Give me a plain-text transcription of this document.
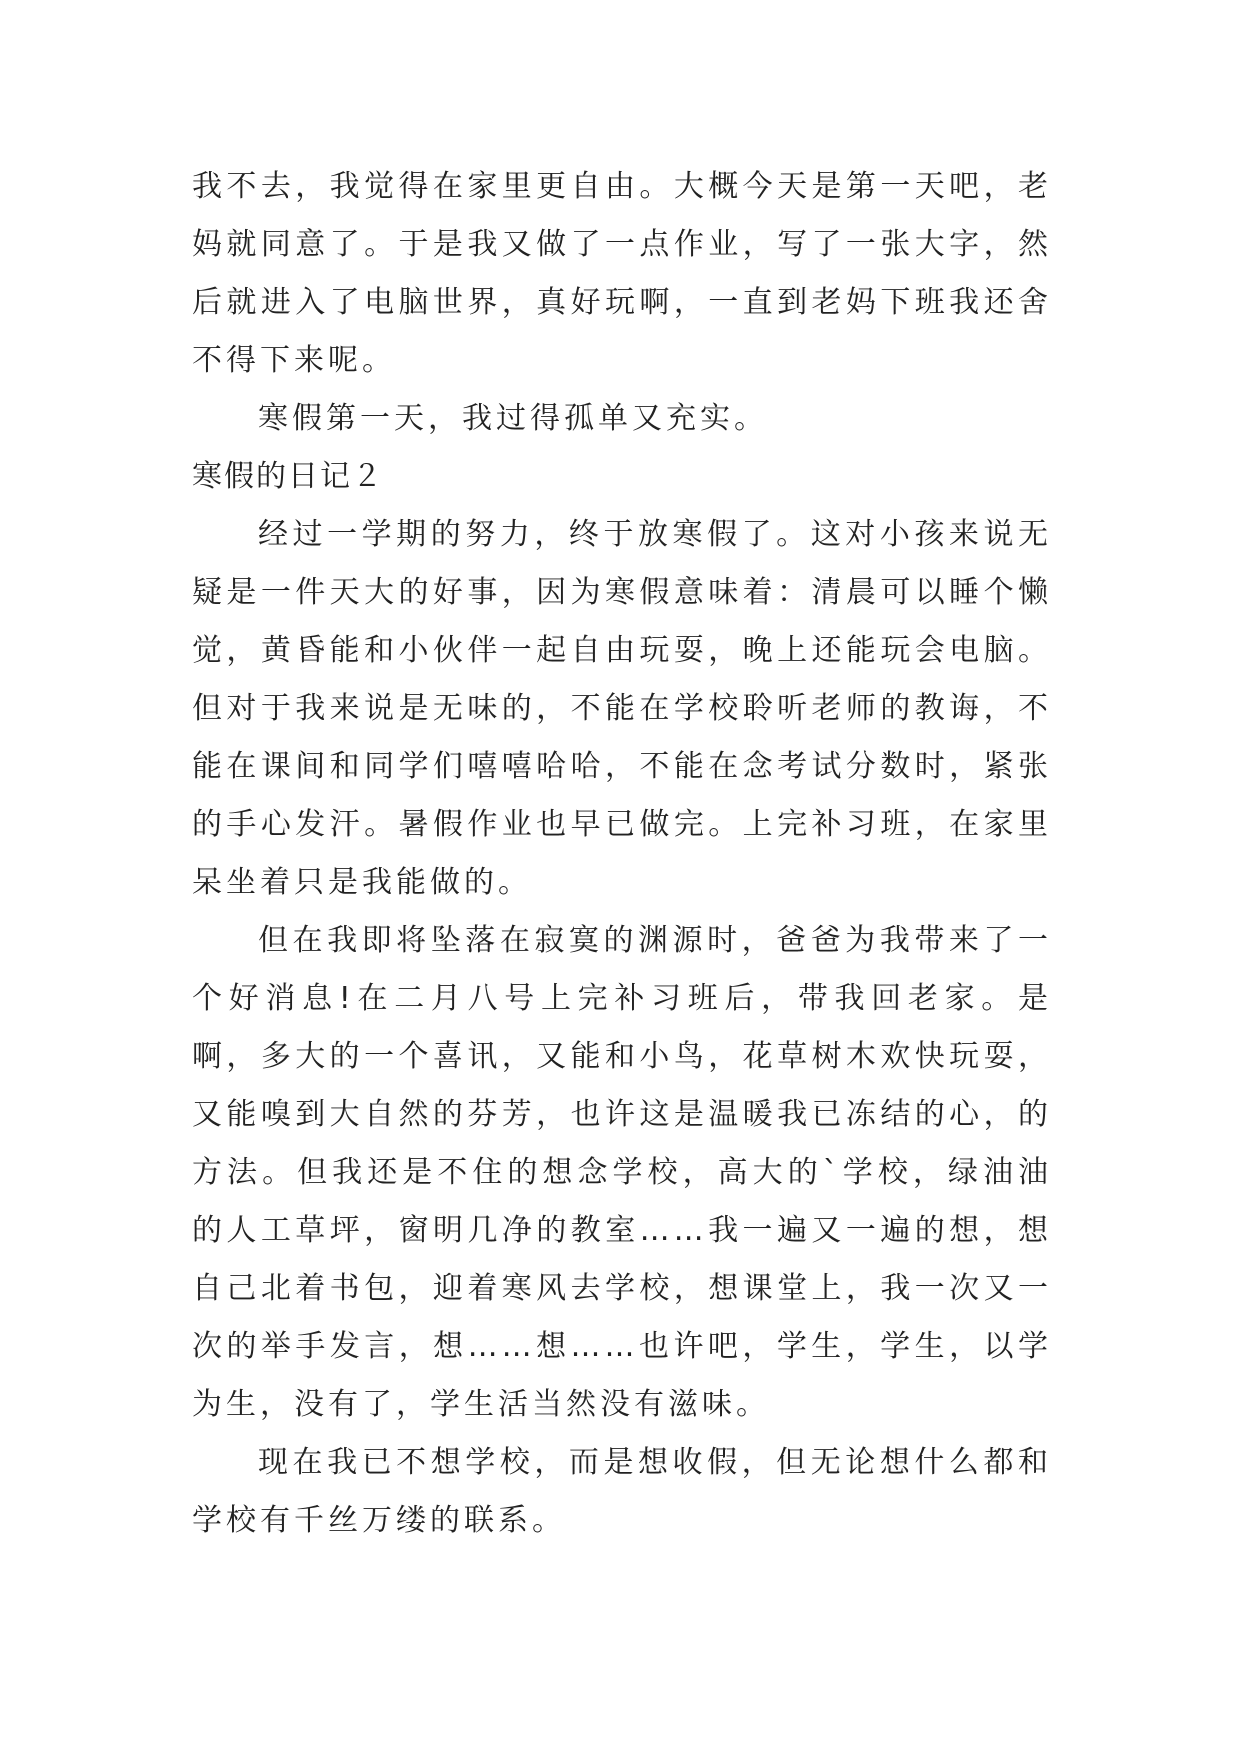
我不去，我觉得在家里更自由。大概今天是第一天吧，老妈就同意了。于是我又做了一点作业，写了一张大字，然后就进入了电脑世界，真好玩啊，一直到老妈下班我还舍不得下来呢。

寒假第一天，我过得孤单又充实。

寒假的日记２

经过一学期的努力，终于放寒假了。这对小孩来说无疑是一件天大的好事，因为寒假意味着：清晨可以睡个懒觉，黄昏能和小伙伴一起自由玩耍，晚上还能玩会电脑。但对于我来说是无味的，不能在学校聆听老师的教诲，不能在课间和同学们嘻嘻哈哈，不能在念考试分数时，紧张的手心发汗。暑假作业也早已做完。上完补习班，在家里呆坐着只是我能做的。

但在我即将坠落在寂寞的渊源时，爸爸为我带来了一个好消息!在二月八号上完补习班后，带我回老家。是啊，多大的一个喜讯，又能和小鸟，花草树木欢快玩耍，又能嗅到大自然的芬芳，也许这是温暖我已冻结的心，的方法。但我还是不住的想念学校，高大的`学校，绿油油的人工草坪，窗明几净的教室……我一遍又一遍的想，想自己北着书包，迎着寒风去学校，想课堂上，我一次又一次的举手发言，想……想……也许吧，学生，学生，以学为生，没有了，学生活当然没有滋味。

现在我已不想学校，而是想收假，但无论想什么都和学校有千丝万缕的联系。
